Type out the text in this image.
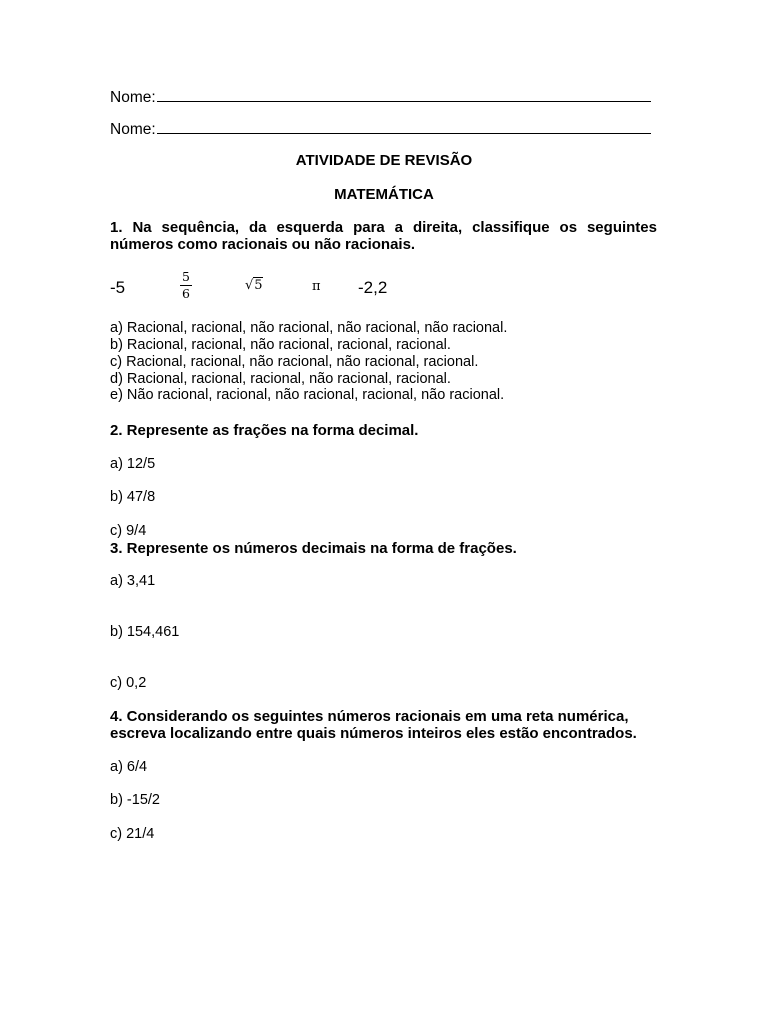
Nome:
Nome:
ATIVIDADE DE REVISÃO
MATEMÁTICA
1. Na sequência, da esquerda para a direita, classifique os seguintes números como racionais ou não racionais.
-5
5
6
√5	π -2,2
a) Racional, racional, não racional, não racional, não racional.
b) Racional, racional, não racional, racional, racional.
c) Racional, racional, não racional, não racional, racional.
d) Racional, racional, racional, não racional, racional.
e) Não racional, racional, não racional, racional, não racional.
2. Represente as frações na forma decimal.
a) 12/5
b) 47/8
c) 9/4
3. Represente os números decimais na forma de frações.
a) 3,41
b) 154,461
c) 0,2
4. Considerando os seguintes números racionais em uma reta numérica, escreva localizando entre quais números inteiros eles estão encontrados.
a) 6/4
b) -15/2
c) 21/4
